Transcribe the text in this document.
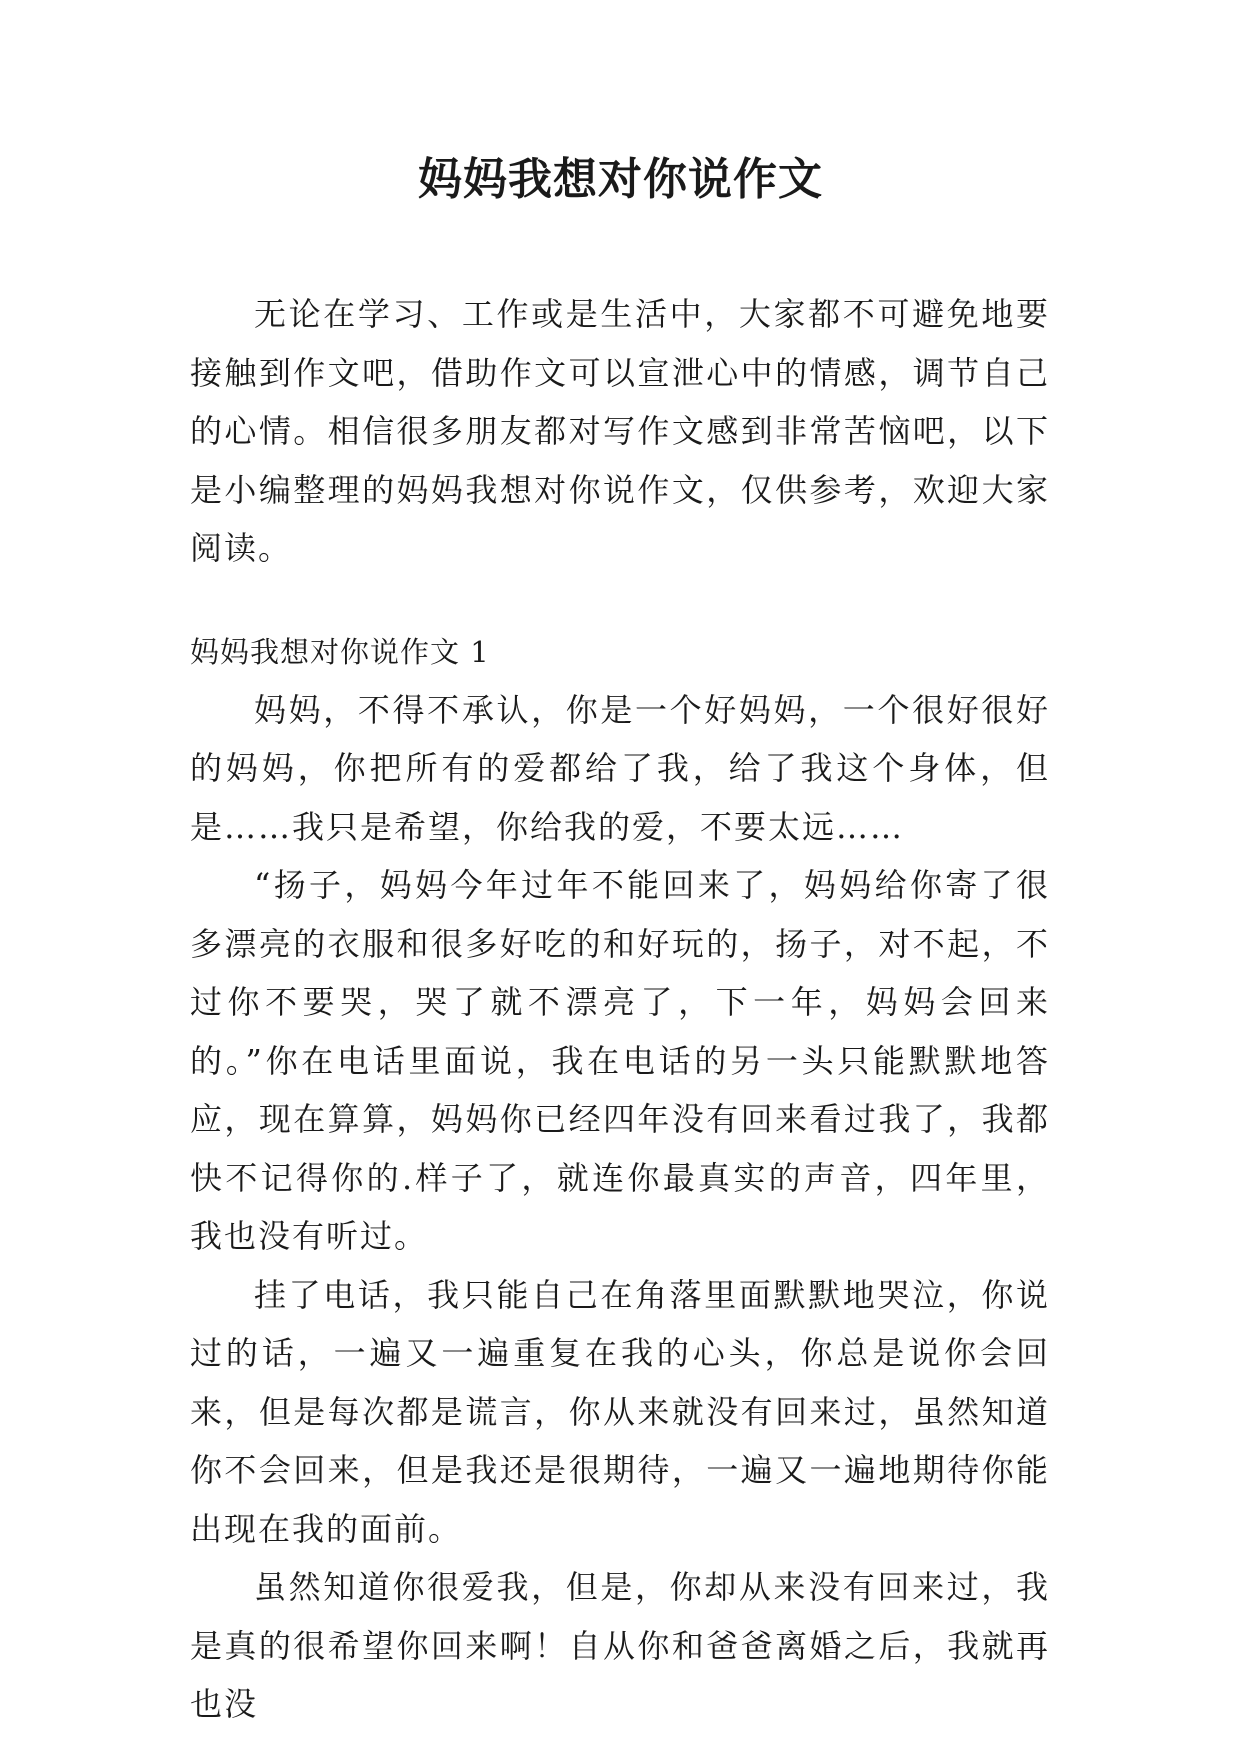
妈妈我想对你说作文

无论在学习、工作或是生活中，大家都不可避免地要接触到作文吧，借助作文可以宣泄心中的情感，调节自己的心情。相信很多朋友都对写作文感到非常苦恼吧，以下是小编整理的妈妈我想对你说作文，仅供参考，欢迎大家阅读。

妈妈我想对你说作文 1

妈妈，不得不承认，你是一个好妈妈，一个很好很好的妈妈，你把所有的爱都给了我，给了我这个身体，但是……我只是希望，你给我的爱，不要太远……

“扬子，妈妈今年过年不能回来了，妈妈给你寄了很多漂亮的衣服和很多好吃的和好玩的，扬子，对不起，不过你不要哭，哭了就不漂亮了，下一年，妈妈会回来的。”你在电话里面说，我在电话的另一头只能默默地答应，现在算算，妈妈你已经四年没有回来看过我了，我都快不记得你的.样子了，就连你最真实的声音，四年里，我也没有听过。

挂了电话，我只能自己在角落里面默默地哭泣，你说过的话，一遍又一遍重复在我的心头，你总是说你会回来，但是每次都是谎言，你从来就没有回来过，虽然知道你不会回来，但是我还是很期待，一遍又一遍地期待你能出现在我的面前。

虽然知道你很爱我，但是，你却从来没有回来过，我是真的很希望你回来啊！自从你和爸爸离婚之后，我就再也没
